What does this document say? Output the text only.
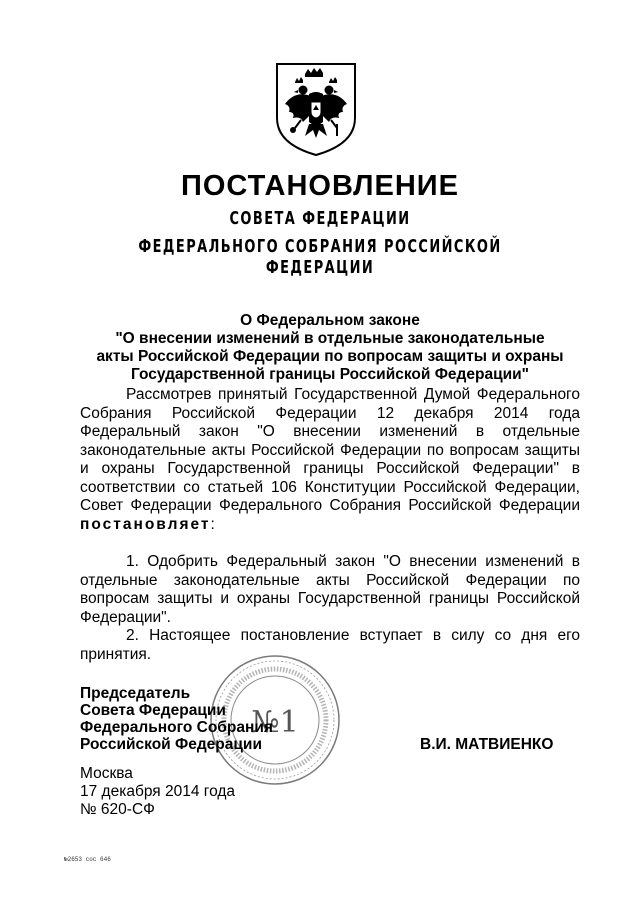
ПОСТАНОВЛЕНИЕ
СОВЕТА ФЕДЕРАЦИИ
ФЕДЕРАЛЬНОГО СОБРАНИЯ РОССИЙСКОЙ ФЕДЕРАЦИИ
О Федеральном законе
"О внесении изменений в отдельные законодательные
акты Российской Федерации по вопросам защиты и охраны
Государственной границы Российской Федерации"
Рассмотрев принятый Государственной Думой Федерального Собрания Российской Федерации 12 декабря 2014 года Федеральный закон "О внесении изменений в отдельные законодательные акты Российской Федерации по вопросам защиты и охраны Государственной границы Российской Федерации" в соответствии со статьей 106 Конституции Российской Федерации, Совет Федерации Федерального Собрания Российской Федерации постановляет:

1. Одобрить Федеральный закон "О внесении изменений в отдельные законодательные акты Российской Федерации по вопросам защиты и охраны Государственной границы Российской Федерации".

2. Настоящее постановление вступает в силу со дня его принятия.

№1
Председатель
Совета Федерации
Федерального Собрания
Российской Федерации	В.И. МАТВИЕНКО
Москва
17 декабря 2014 года
№ 620-СФ
№2653 сос 646
